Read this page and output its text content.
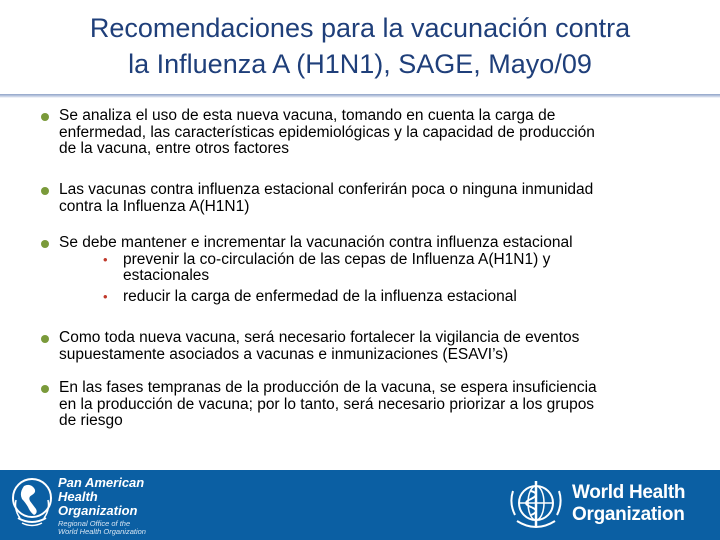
Recomendaciones para la vacunación contra
la Influenza A (H1N1), SAGE, Mayo/09
Se analiza el uso de esta nueva vacuna, tomando en cuenta la carga de
enfermedad, las características epidemiológicas y la capacidad de producción
de la vacuna, entre otros factores
Las vacunas contra influenza estacional conferirán poca o ninguna inmunidad
contra la Influenza A(H1N1)
Se debe mantener e incrementar la vacunación contra influenza estacional
• prevenir la co-circulación de las cepas de Influenza A(H1N1) y
estacionales
• reducir la carga de enfermedad de la influenza estacional
Como toda nueva vacuna, será necesario fortalecer la vigilancia de eventos
supuestamente asociados a vacunas e inmunizaciones (ESAVI’s)
En las fases tempranas de la producción de la vacuna, se espera insuficiencia
en la producción de vacuna; por lo tanto, será necesario priorizar a los grupos
de riesgo
Pan American
Health
Organization
Regional Office of the
World Health Organization
World Health
Organization
